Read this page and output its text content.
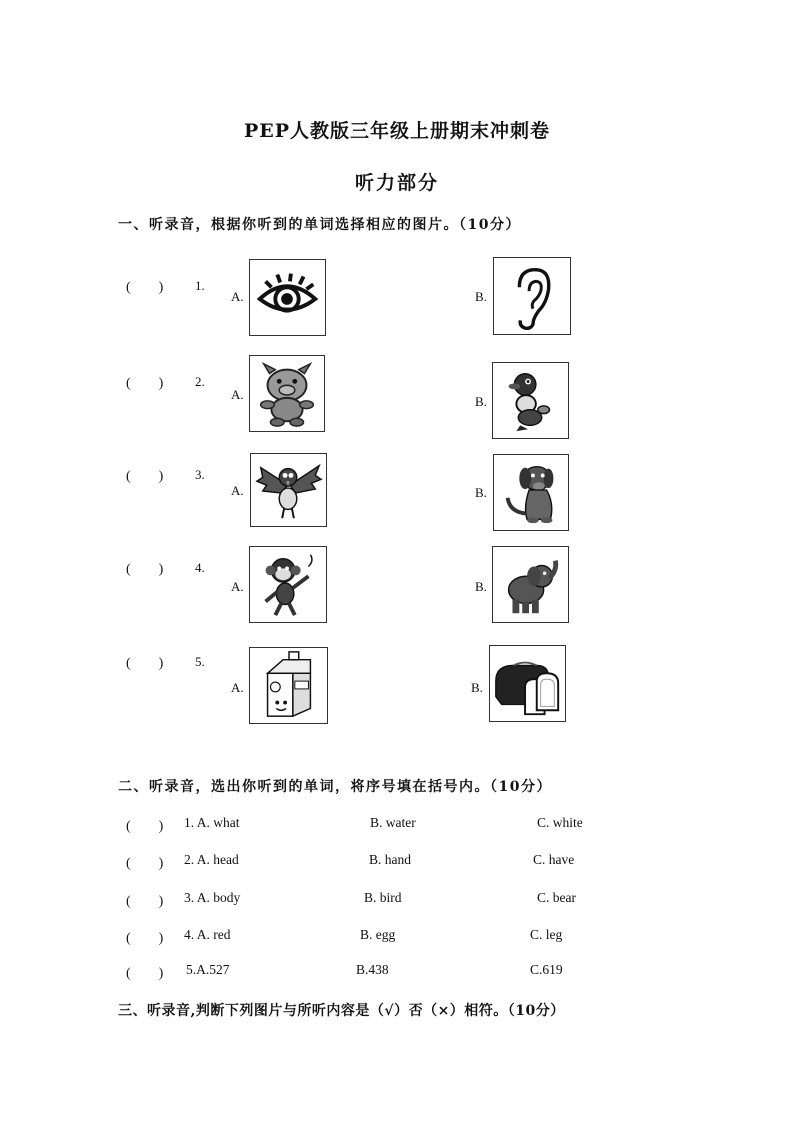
PEP人教版三年级上册期末冲刺卷
听力部分
一、听录音，根据你听到的单词选择相应的图片。（10分）
(　　) 1.
A.	B.
(　　) 2.
A.	B.
(　　) 3.
A.	B.
(　　) 4.
A.	B.
(　　) 5.
A.	B.
二、听录音，选出你听到的单词，将序号填在括号内。（10分）
(　　) 1. A. what	B. water	C. white
(　　) 2. A. head	B. hand	C. have
(　　) 3. A. body	B. bird	C. bear
(　　) 4. A. red	B. egg	C. leg
(　　) 5.A.527	B.438	C.619
三、听录音,判断下列图片与所听内容是（√）否（×）相符。（10分）
